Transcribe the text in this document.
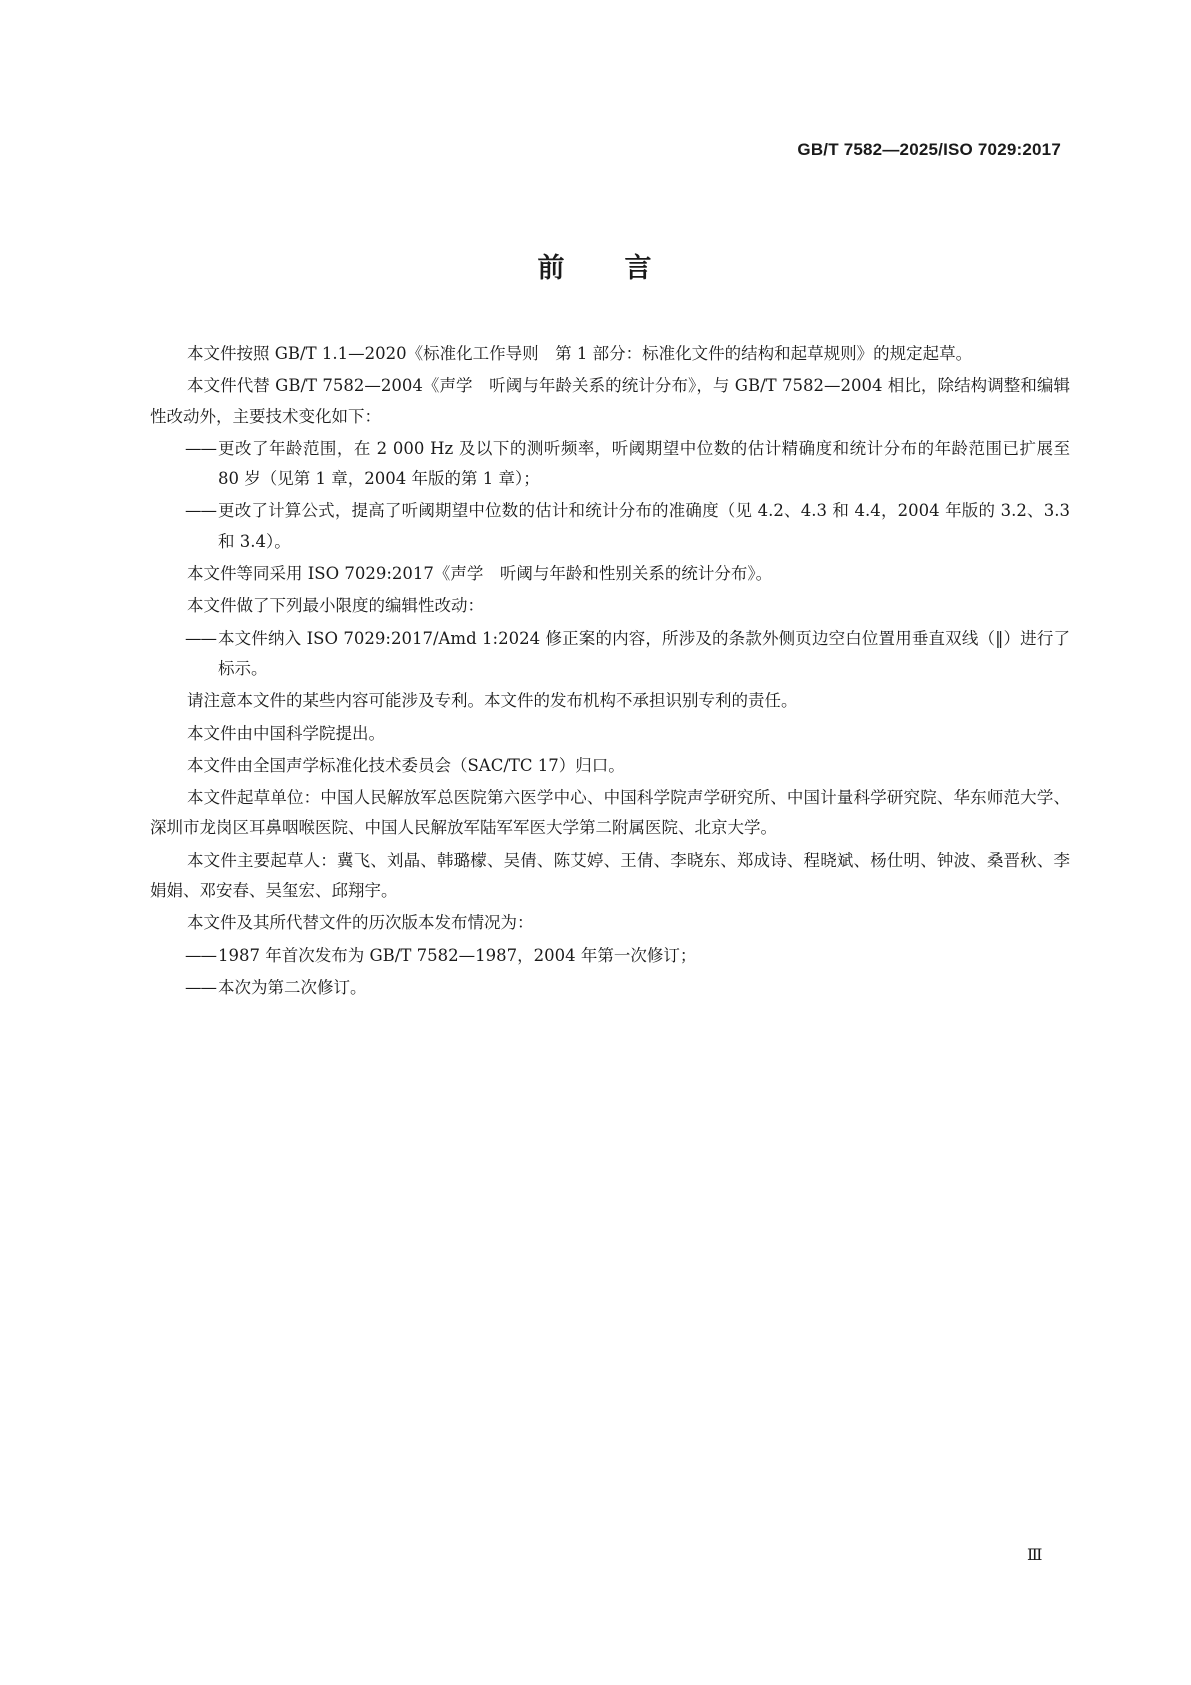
GB/T 7582—2025/ISO 7029:2017
前 言

本文件按照 GB/T 1.1—2020《标准化工作导则　第 1 部分：标准化文件的结构和起草规则》的规定起草。

本文件代替 GB/T 7582—2004《声学　听阈与年龄关系的统计分布》，与 GB/T 7582—2004 相比，除结构调整和编辑性改动外，主要技术变化如下：

—— 更改了年龄范围，在 2 000 Hz 及以下的测听频率，听阈期望中位数的估计精确度和统计分布的年龄范围已扩展至 80 岁（见第 1 章，2004 年版的第 1 章）；
—— 更改了计算公式，提高了听阈期望中位数的估计和统计分布的准确度（见 4.2、4.3 和 4.4，2004 年版的 3.2、3.3 和 3.4）。

本文件等同采用 ISO 7029:2017《声学　听阈与年龄和性别关系的统计分布》。

本文件做了下列最小限度的编辑性改动：

—— 本文件纳入 ISO 7029:2017/Amd 1:2024 修正案的内容，所涉及的条款外侧页边空白位置用垂直双线（‖）进行了标示。

请注意本文件的某些内容可能涉及专利。本文件的发布机构不承担识别专利的责任。

本文件由中国科学院提出。

本文件由全国声学标准化技术委员会（SAC/TC 17）归口。

本文件起草单位：中国人民解放军总医院第六医学中心、中国科学院声学研究所、中国计量科学研究院、华东师范大学、深圳市龙岗区耳鼻咽喉医院、中国人民解放军陆军军医大学第二附属医院、北京大学。

本文件主要起草人：冀飞、刘晶、韩璐檬、吴倩、陈艾婷、王倩、李晓东、郑成诗、程晓斌、杨仕明、钟波、桑晋秋、李娟娟、邓安春、吴玺宏、邱翔宇。

本文件及其所代替文件的历次版本发布情况为：

—— 1987 年首次发布为 GB/T 7582—1987，2004 年第一次修订；
—— 本次为第二次修订。
Ⅲ
